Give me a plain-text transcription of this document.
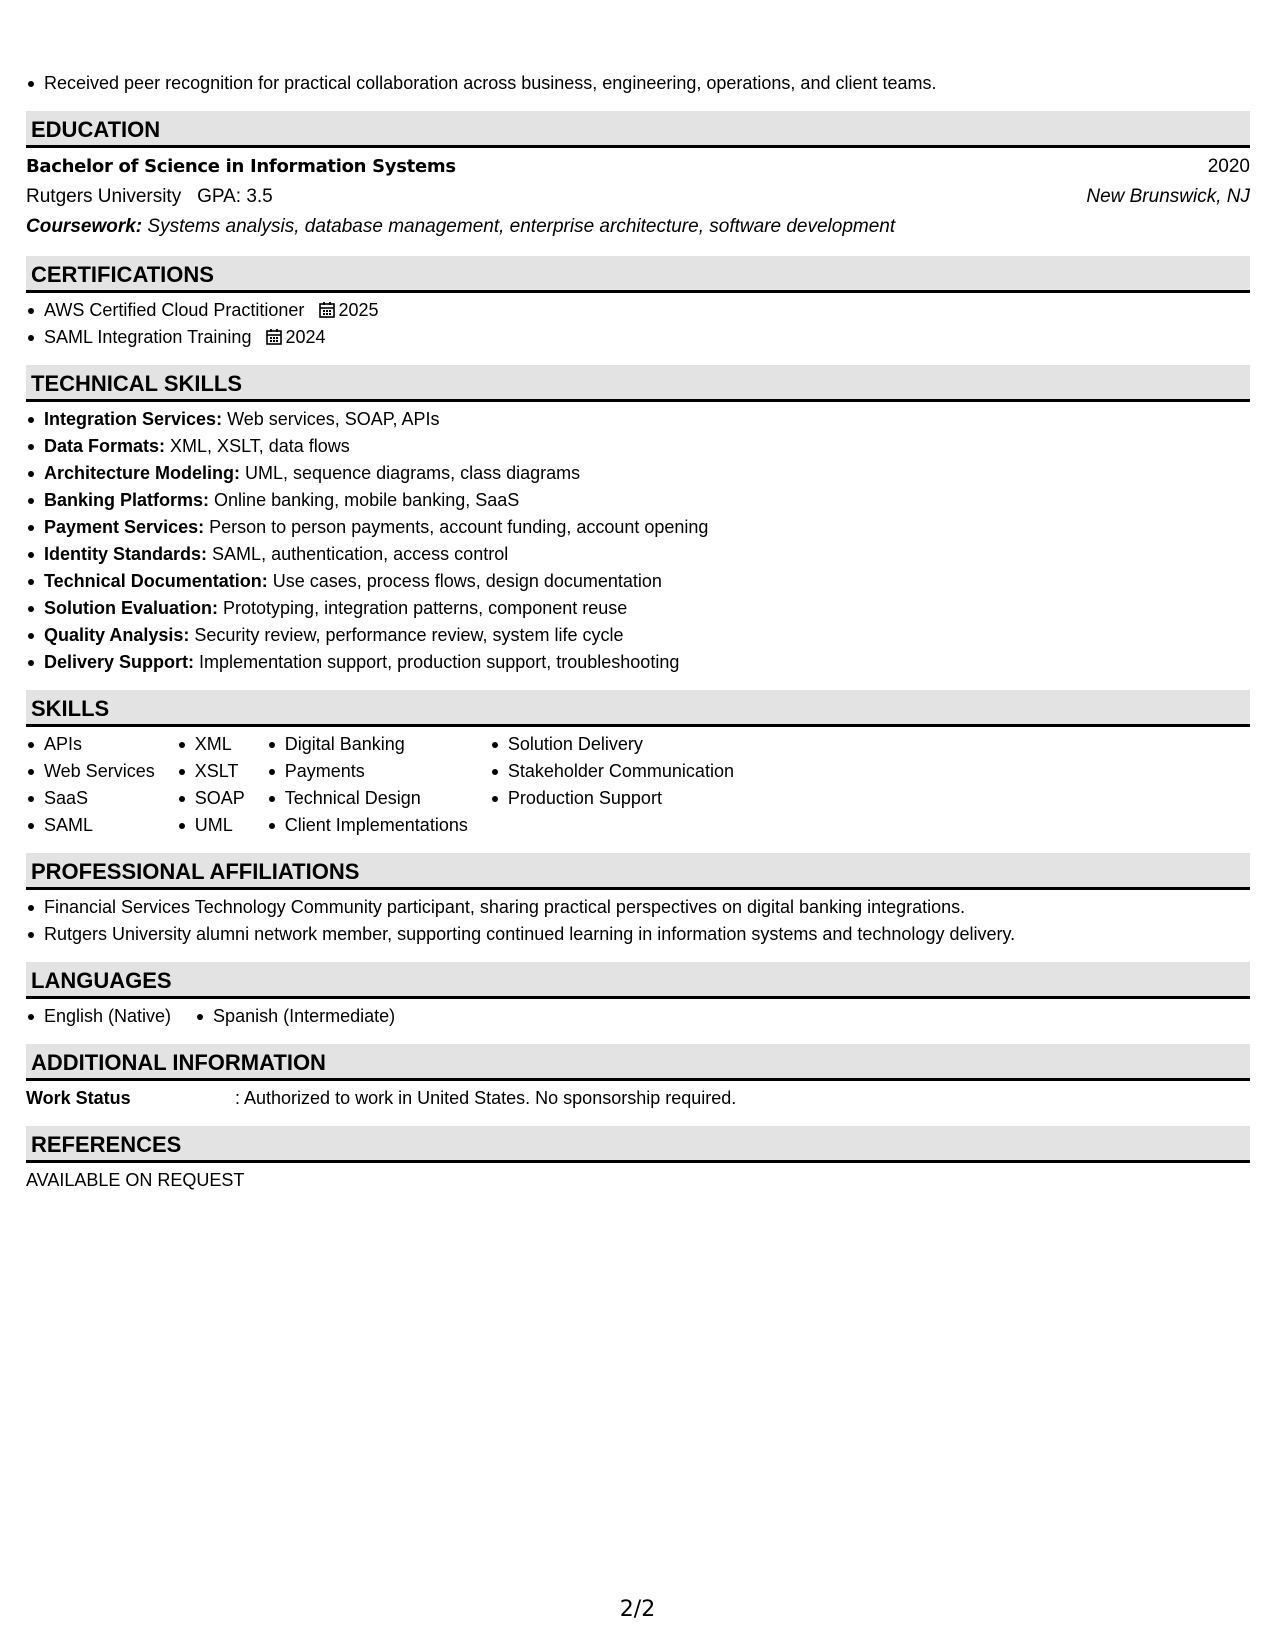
Received peer recognition for practical collaboration across business, engineering, operations, and client teams.
EDUCATION
Bachelor of Science in Information Systems	2020
Rutgers University GPA: 3.5	New Brunswick, NJ
Coursework: Systems analysis, database management, enterprise architecture, software development
CERTIFICATIONS
AWS Certified Cloud Practitioner 2025
SAML Integration Training 2024
TECHNICAL SKILLS
Integration Services: Web services, SOAP, APIs
Data Formats: XML, XSLT, data flows
Architecture Modeling: UML, sequence diagrams, class diagrams
Banking Platforms: Online banking, mobile banking, SaaS
Payment Services: Person to person payments, account funding, account opening
Identity Standards: SAML, authentication, access control
Technical Documentation: Use cases, process flows, design documentation
Solution Evaluation: Prototyping, integration patterns, component reuse
Quality Analysis: Security review, performance review, system life cycle
Delivery Support: Implementation support, production support, troubleshooting
SKILLS
APIs
Web Services
SaaS
SAML
XML
XSLT
SOAP
UML
Digital Banking
Payments
Technical Design
Client Implementations
Solution Delivery
Stakeholder Communication
Production Support
PROFESSIONAL AFFILIATIONS
Financial Services Technology Community participant, sharing practical perspectives on digital banking integrations.
Rutgers University alumni network member, supporting continued learning in information systems and technology delivery.
LANGUAGES
English (Native)	Spanish (Intermediate)
ADDITIONAL INFORMATION
Work Status	: Authorized to work in United States. No sponsorship required.
REFERENCES
AVAILABLE ON REQUEST
2/2
